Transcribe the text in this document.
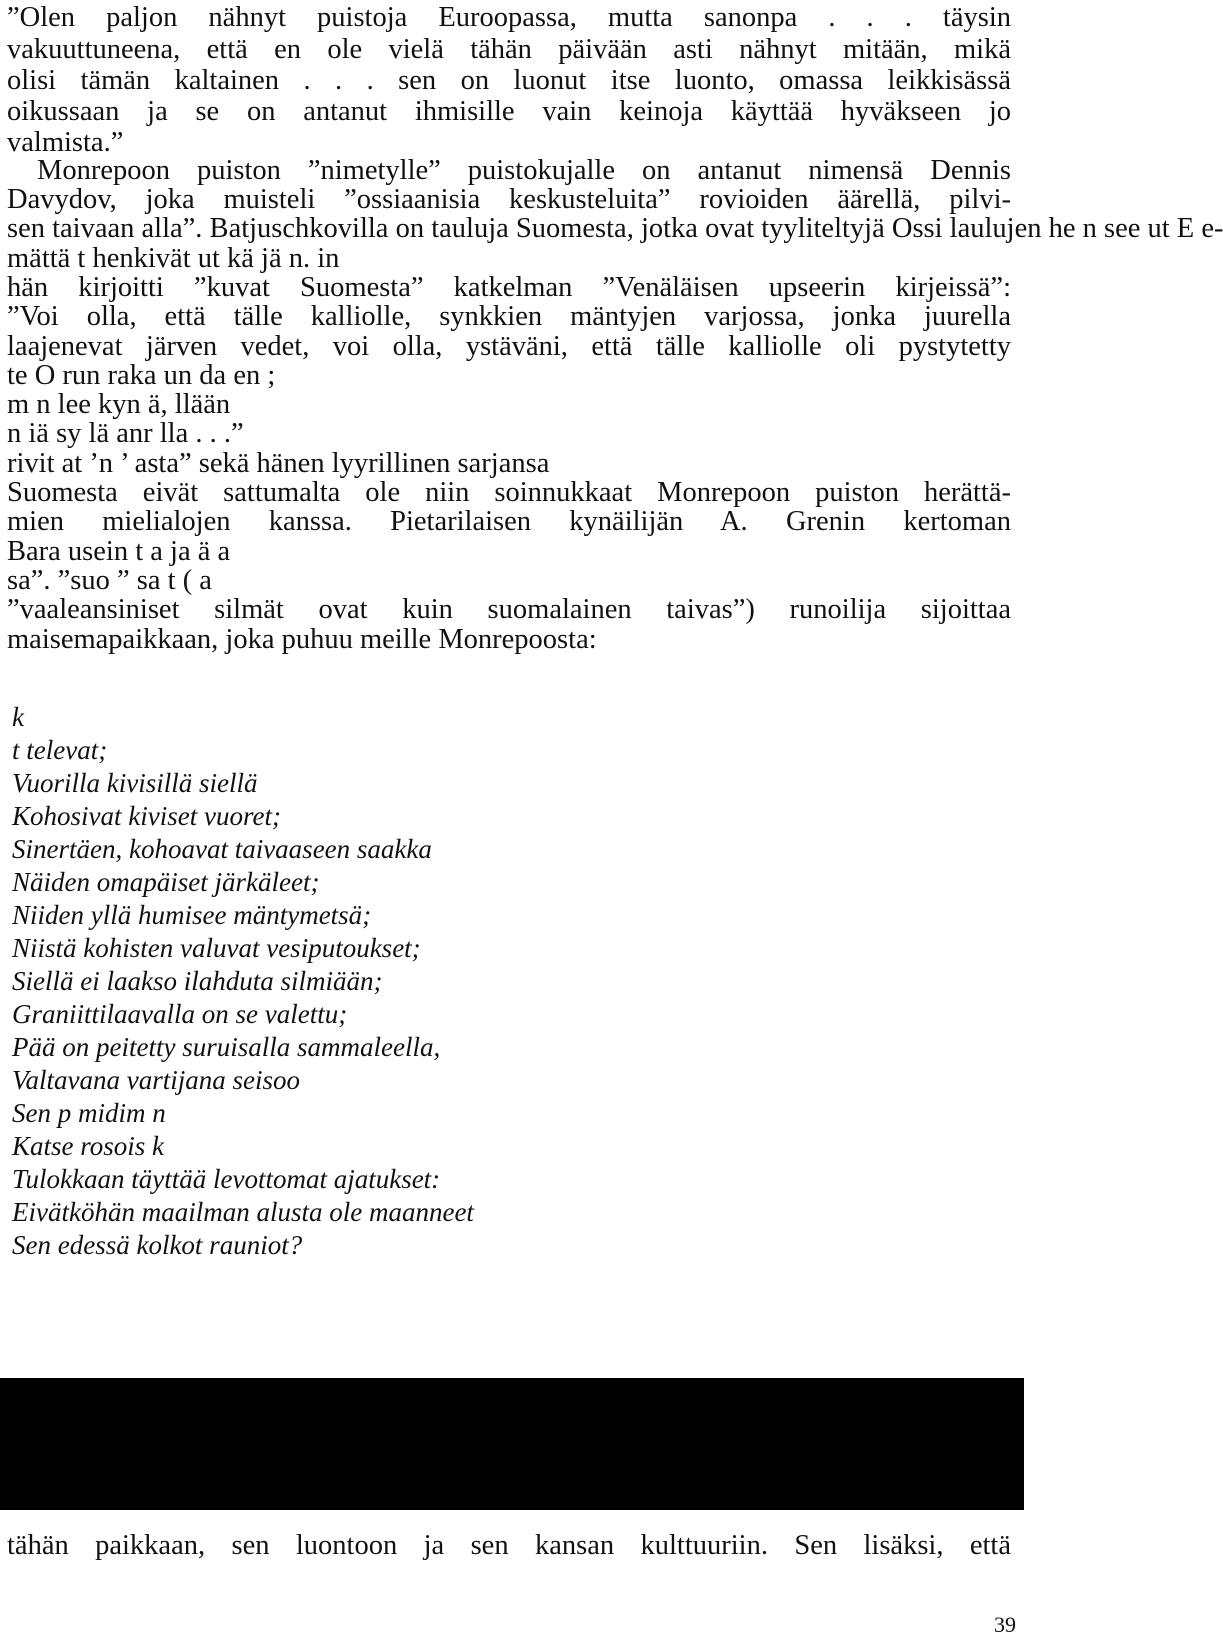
”Olen paljon nähnyt puistoja Euroopassa, mutta sanonpa . . . täysin
vakuuttuneena, että en ole vielä tähän päivään asti nähnyt mitään, mikä
olisi tämän kaltainen . . . sen on luonut itse luonto, omassa leikkisässä
oikussaan ja se on antanut ihmisille vain keinoja käyttää hyväkseen jo
valmista.”
Monrepoon puiston ”nimetylle” puistokujalle on antanut nimensä Dennis
Davydov, joka muisteli ”ossiaanisia keskusteluita” rovioiden äärellä, pilvi-
sen taivaan alla”. Batjuschkovilla on tauluja Suomesta, jotka ovat tyyliteltyjä Ossi laulujen he n see ut E e-
mättä t henkivät ut kä jä n. in
hän kirjoitti ”kuvat Suomesta” katkelman ”Venäläisen upseerin kirjeissä”:
”Voi olla, että tälle kalliolle, synkkien mäntyjen varjossa, jonka juurella
laajenevat järven vedet, voi olla, ystäväni, että tälle kalliolle oli pystytetty
te O run raka un da en ;
m n lee kyn ä, llään
n iä sy lä anr lla . . .”
rivit at ’n ’ asta” sekä hänen lyyrillinen sarjansa
Suomesta eivät sattumalta ole niin soinnukkaat Monrepoon puiston herättä-
mien mielialojen kanssa. Pietarilaisen kynäilijän A. Grenin kertoman
Bara usein t a ja ä a
sa”. ”suo ” sa t ( a
”vaaleansiniset silmät ovat kuin suomalainen taivas”) runoilija sijoittaa
maisemapaikkaan, joka puhuu meille Monrepoosta:
k
t televat;
Vuorilla kivisillä siellä
Kohosivat kiviset vuoret;
Sinertäen, kohoavat taivaaseen saakka
Näiden omapäiset järkäleet;
Niiden yllä humisee mäntymetsä;
Niistä kohisten valuvat vesiputoukset;
Siellä ei laakso ilahduta silmiään;
Graniittilaavalla on se valettu;
Pää on peitetty suruisalla sammaleella,
Valtavana vartijana seisoo
Sen p midim n
Katse rosois k
Tulokkaan täyttää levottomat ajatukset:
Eivätköhän maailman alusta ole maanneet
Sen edessä kolkot rauniot?
tähän paikkaan, sen luontoon ja sen kansan kulttuuriin. Sen lisäksi, että
39
